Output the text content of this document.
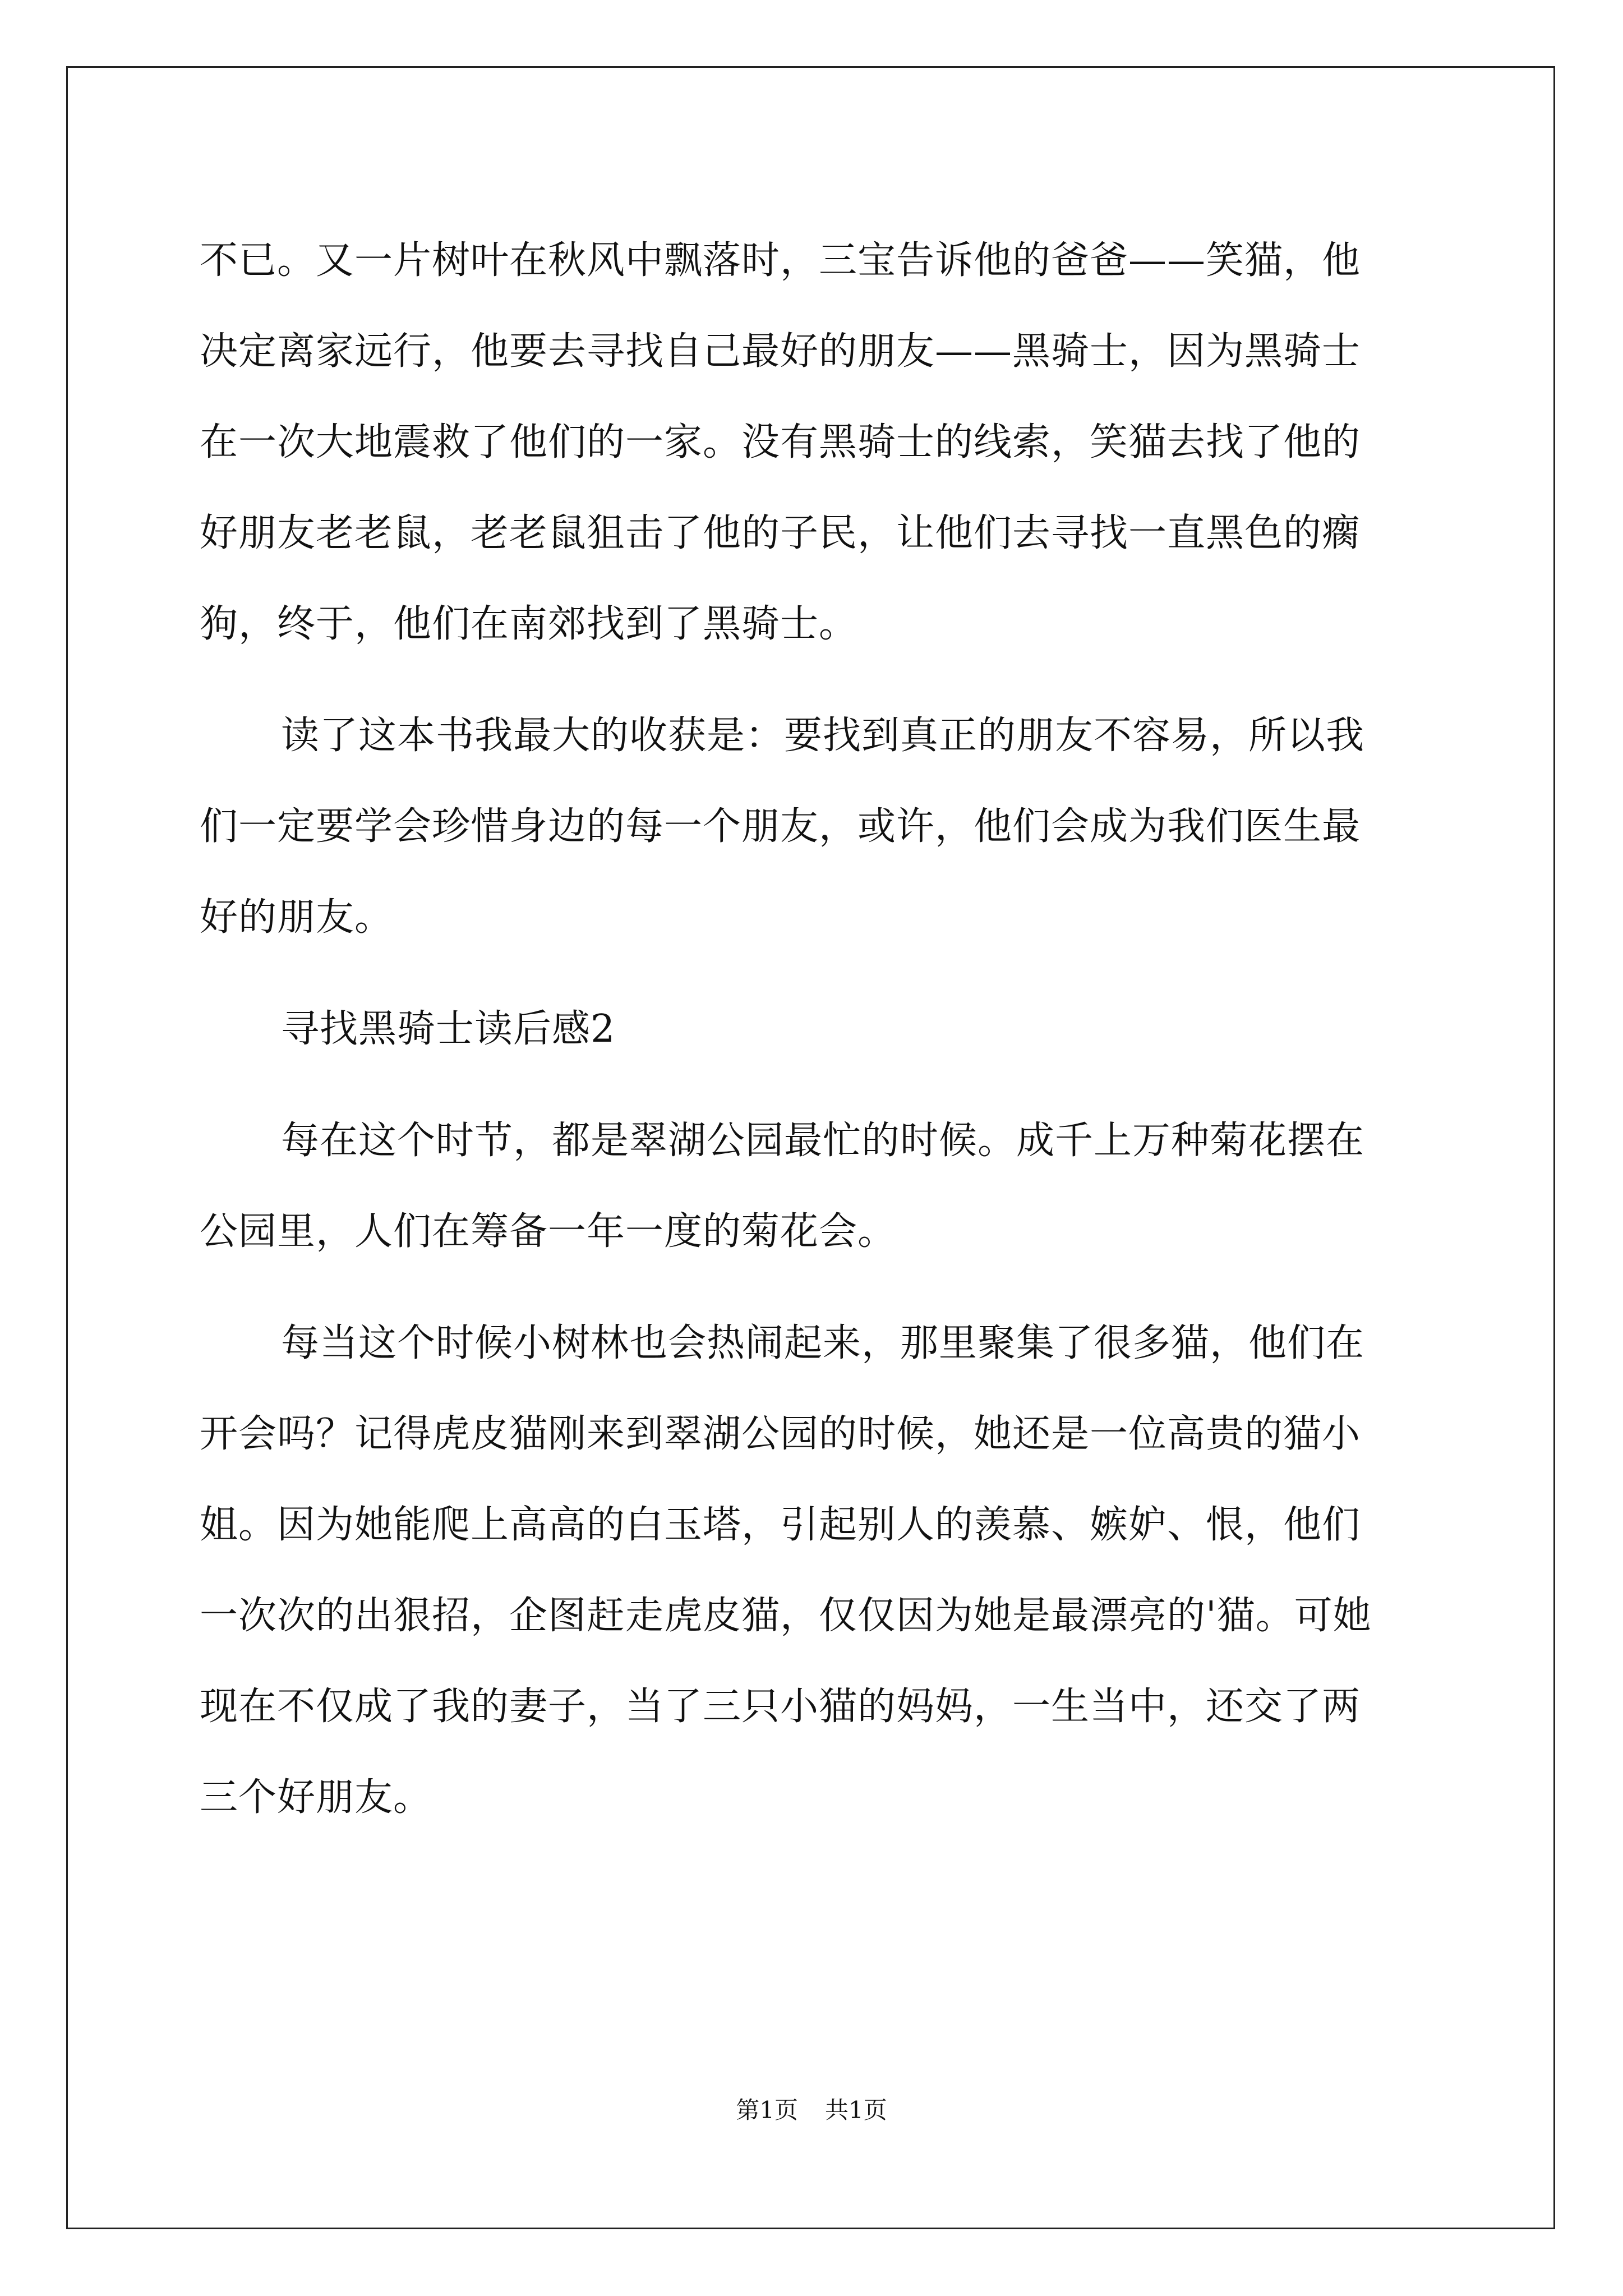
不已。又一片树叶在秋风中飘落时，三宝告诉他的爸爸——笑猫，他
决定离家远行，他要去寻找自己最好的朋友——黑骑士，因为黑骑士
在一次大地震救了他们的一家。没有黑骑士的线索，笑猫去找了他的
好朋友老老鼠，老老鼠狙击了他的子民，让他们去寻找一直黑色的瘸
狗，终于，他们在南郊找到了黑骑士。
读了这本书我最大的收获是：要找到真正的朋友不容易，所以我
们一定要学会珍惜身边的每一个朋友，或许，他们会成为我们医生最
好的朋友。
寻找黑骑士读后感2
每在这个时节，都是翠湖公园最忙的时候。成千上万种菊花摆在
公园里，人们在筹备一年一度的菊花会。
每当这个时候小树林也会热闹起来，那里聚集了很多猫，他们在
开会吗？记得虎皮猫刚来到翠湖公园的时候，她还是一位高贵的猫小
姐。因为她能爬上高高的白玉塔，引起别人的羡慕、嫉妒、恨，他们
一次次的出狠招，企图赶走虎皮猫，仅仅因为她是最漂亮的'猫。可她
现在不仅成了我的妻子，当了三只小猫的妈妈，一生当中，还交了两
三个好朋友。
第1页 共1页
